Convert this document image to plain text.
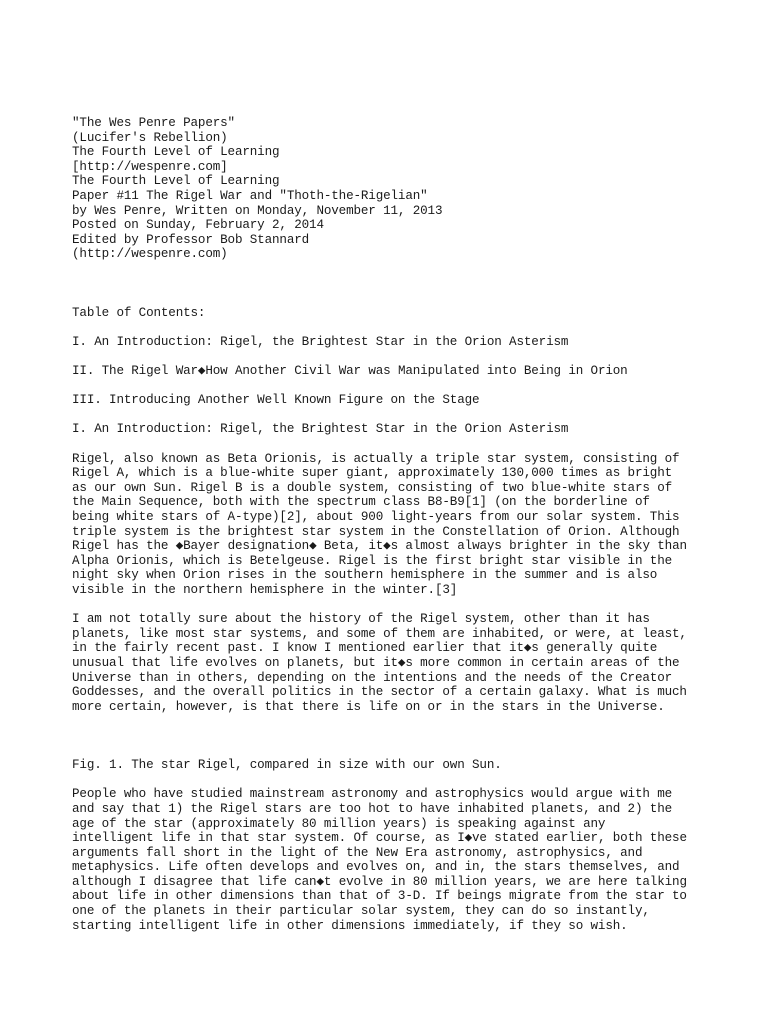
"The Wes Penre Papers"
(Lucifer's Rebellion)
The Fourth Level of Learning
[http://wespenre.com]
The Fourth Level of Learning
Paper #11 The Rigel War and "Thoth-the-Rigelian"
by Wes Penre, Written on Monday, November 11, 2013
Posted on Sunday, February 2, 2014
Edited by Professor Bob Stannard
(http://wespenre.com)
Table of Contents:
I. An Introduction: Rigel, the Brightest Star in the Orion Asterism
II. The Rigel War◆How Another Civil War was Manipulated into Being in Orion
III. Introducing Another Well Known Figure on the Stage
I. An Introduction: Rigel, the Brightest Star in the Orion Asterism
Rigel, also known as Beta Orionis, is actually a triple star system, consisting of
Rigel A, which is a blue-white super giant, approximately 130,000 times as bright
as our own Sun. Rigel B is a double system, consisting of two blue-white stars of
the Main Sequence, both with the spectrum class B8-B9[1] (on the borderline of
being white stars of A-type)[2], about 900 light-years from our solar system. This
triple system is the brightest star system in the Constellation of Orion. Although
Rigel has the ◆Bayer designation◆ Beta, it◆s almost always brighter in the sky than
Alpha Orionis, which is Betelgeuse. Rigel is the first bright star visible in the
night sky when Orion rises in the southern hemisphere in the summer and is also
visible in the northern hemisphere in the winter.[3]
I am not totally sure about the history of the Rigel system, other than it has
planets, like most star systems, and some of them are inhabited, or were, at least,
in the fairly recent past. I know I mentioned earlier that it◆s generally quite
unusual that life evolves on planets, but it◆s more common in certain areas of the
Universe than in others, depending on the intentions and the needs of the Creator
Goddesses, and the overall politics in the sector of a certain galaxy. What is much
more certain, however, is that there is life on or in the stars in the Universe.
Fig. 1. The star Rigel, compared in size with our own Sun.
People who have studied mainstream astronomy and astrophysics would argue with me
and say that 1) the Rigel stars are too hot to have inhabited planets, and 2) the
age of the star (approximately 80 million years) is speaking against any
intelligent life in that star system. Of course, as I◆ve stated earlier, both these
arguments fall short in the light of the New Era astronomy, astrophysics, and
metaphysics. Life often develops and evolves on, and in, the stars themselves, and
although I disagree that life can◆t evolve in 80 million years, we are here talking
about life in other dimensions than that of 3-D. If beings migrate from the star to
one of the planets in their particular solar system, they can do so instantly,
starting intelligent life in other dimensions immediately, if they so wish.
